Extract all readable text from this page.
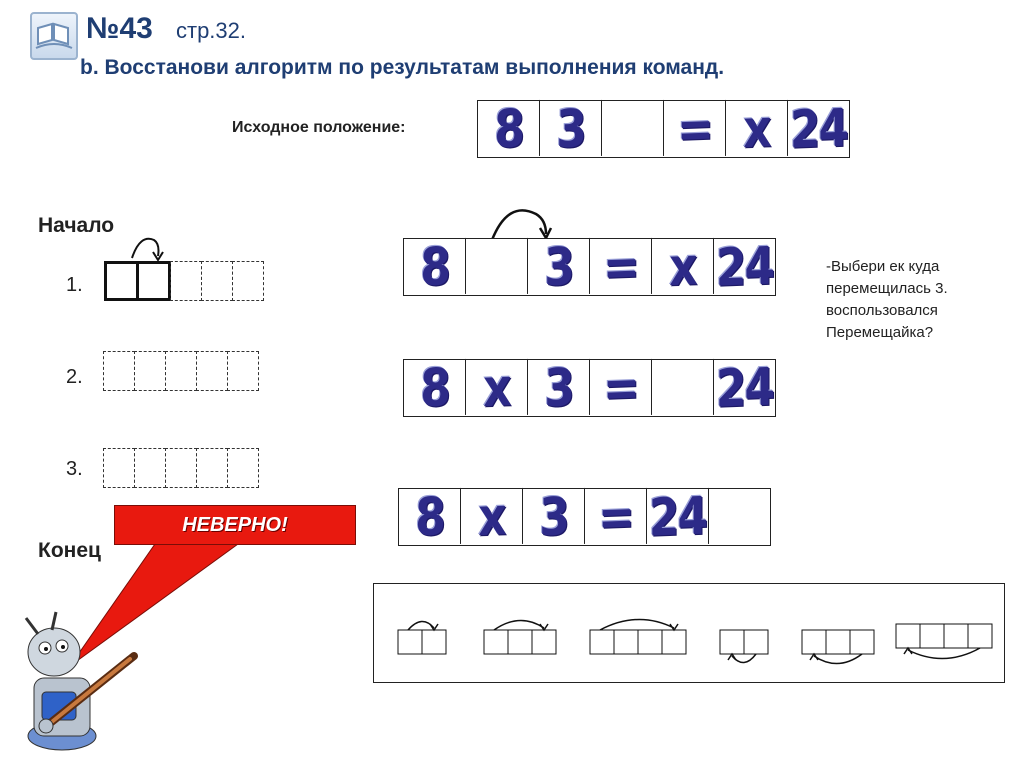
№43 стр.32.
b. Восстанови алгоритм по результатам выполнения команд.
Исходное положение: 8 3 = x 24
Начало
Конец
1.
2.
3.
8 3 = x 24
8 x 3 = 24
8 x 3 = 24
-Выбери ек куда
перемещилась 3.
воспользовался
Перемещайка?
НЕВЕРНО!
